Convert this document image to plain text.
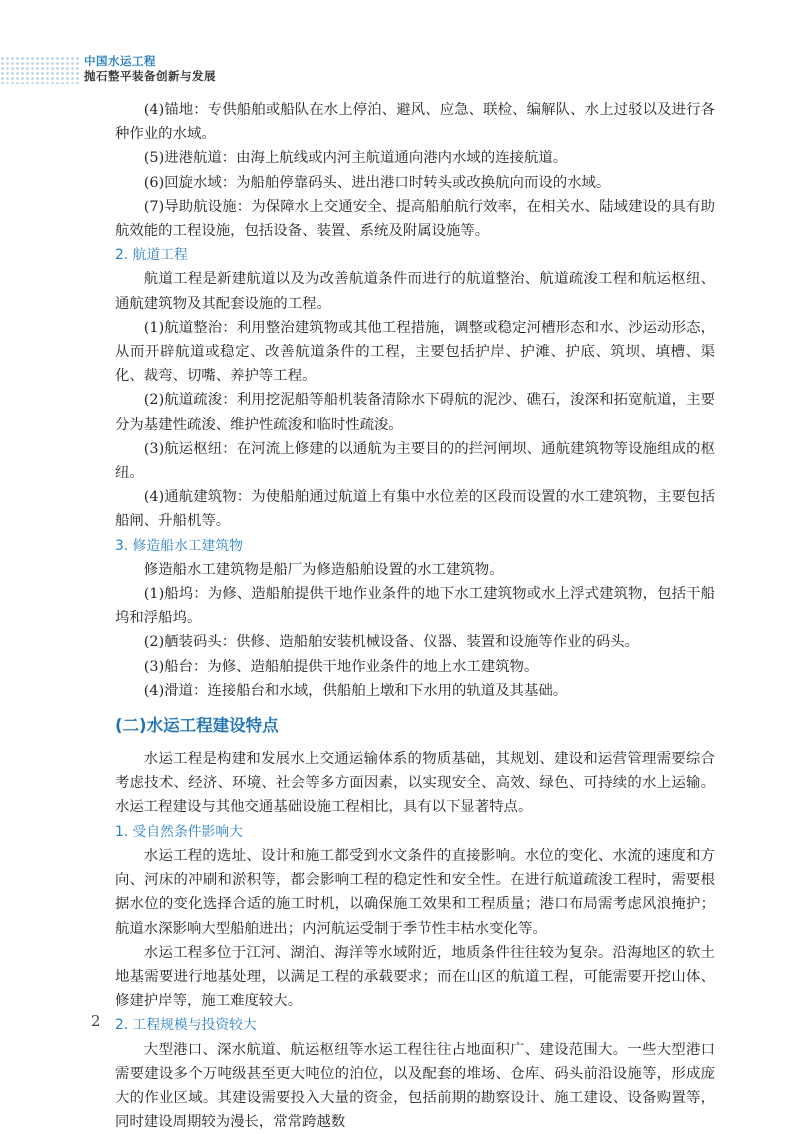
中国水运工程
抛石整平装备创新与发展

(4)锚地：专供船舶或船队在水上停泊、避风、应急、联检、编解队、水上过驳以及进行各种作业的水域。

(5)进港航道：由海上航线或内河主航道通向港内水域的连接航道。

(6)回旋水域：为船舶停靠码头、进出港口时转头或改换航向而设的水域。

(7)导助航设施：为保障水上交通安全、提高船舶航行效率，在相关水、陆域建设的具有助航效能的工程设施，包括设备、装置、系统及附属设施等。

2. 航道工程

航道工程是新建航道以及为改善航道条件而进行的航道整治、航道疏浚工程和航运枢纽、通航建筑物及其配套设施的工程。

(1)航道整治：利用整治建筑物或其他工程措施，调整或稳定河槽形态和水、沙运动形态，从而开辟航道或稳定、改善航道条件的工程，主要包括护岸、护滩、护底、筑坝、填槽、渠化、裁弯、切嘴、养护等工程。

(2)航道疏浚：利用挖泥船等船机装备清除水下碍航的泥沙、礁石，浚深和拓宽航道，主要分为基建性疏浚、维护性疏浚和临时性疏浚。

(3)航运枢纽：在河流上修建的以通航为主要目的的拦河闸坝、通航建筑物等设施组成的枢纽。

(4)通航建筑物：为使船舶通过航道上有集中水位差的区段而设置的水工建筑物，主要包括船闸、升船机等。

3. 修造船水工建筑物

修造船水工建筑物是船厂为修造船舶设置的水工建筑物。

(1)船坞：为修、造船舶提供干地作业条件的地下水工建筑物或水上浮式建筑物，包括干船坞和浮船坞。

(2)舾装码头：供修、造船舶安装机械设备、仪器、装置和设施等作业的码头。

(3)船台：为修、造船舶提供干地作业条件的地上水工建筑物。

(4)滑道：连接船台和水域，供船舶上墩和下水用的轨道及其基础。

(二)水运工程建设特点

水运工程是构建和发展水上交通运输体系的物质基础，其规划、建设和运营管理需要综合考虑技术、经济、环境、社会等多方面因素，以实现安全、高效、绿色、可持续的水上运输。水运工程建设与其他交通基础设施工程相比，具有以下显著特点。

1. 受自然条件影响大

水运工程的选址、设计和施工都受到水文条件的直接影响。水位的变化、水流的速度和方向、河床的冲刷和淤积等，都会影响工程的稳定性和安全性。在进行航道疏浚工程时，需要根据水位的变化选择合适的施工时机，以确保施工效果和工程质量；港口布局需考虑风浪掩护；航道水深影响大型船舶进出；内河航运受制于季节性丰枯水变化等。

水运工程多位于江河、湖泊、海洋等水域附近，地质条件往往较为复杂。沿海地区的软土地基需要进行地基处理，以满足工程的承载要求；而在山区的航道工程，可能需要开挖山体、修建护岸等，施工难度较大。

2. 工程规模与投资较大

大型港口、深水航道、航运枢纽等水运工程往往占地面积广、建设范围大。一些大型港口需要建设多个万吨级甚至更大吨位的泊位，以及配套的堆场、仓库、码头前沿设施等，形成庞大的作业区域。其建设需要投入大量的资金，包括前期的勘察设计、施工建设、设备购置等，同时建设周期较为漫长，常常跨越数

2
